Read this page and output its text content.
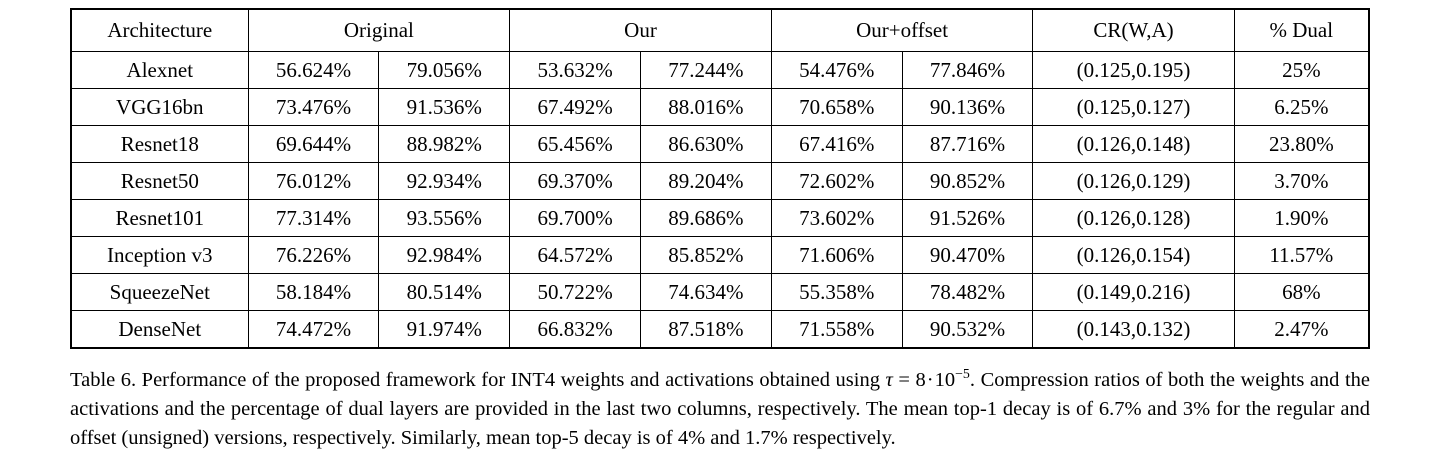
Architecture	Original		Our		Our+offset		CR(W,A)	% Dual
Alexnet	56.624%	79.056%	53.632%	77.244%	54.476%	77.846%	(0.125,0.195)	25%
VGG16bn	73.476%	91.536%	67.492%	88.016%	70.658%	90.136%	(0.125,0.127)	6.25%
Resnet18	69.644%	88.982%	65.456%	86.630%	67.416%	87.716%	(0.126,0.148)	23.80%
Resnet50	76.012%	92.934%	69.370%	89.204%	72.602%	90.852%	(0.126,0.129)	3.70%
Resnet101	77.314%	93.556%	69.700%	89.686%	73.602%	91.526%	(0.126,0.128)	1.90%
Inception v3	76.226%	92.984%	64.572%	85.852%	71.606%	90.470%	(0.126,0.154)	11.57%
SqueezeNet	58.184%	80.514%	50.722%	74.634%	55.358%	78.482%	(0.149,0.216)	68%
DenseNet	74.472%	91.974%	66.832%	87.518%	71.558%	90.532%	(0.143,0.132)	2.47%
Table 6. Performance of the proposed framework for INT4 weights and activations obtained using $\tau = 8\cdot 10^{-5}$. Compression ratios of both the weights and the activations and the percentage of dual layers are provided in the last two columns, respectively. The mean top-1 decay is of 6.7% and 3% for the regular and offset (unsigned) versions, respectively. Similarly, mean top-5 decay is of 4% and 1.7% respectively.
